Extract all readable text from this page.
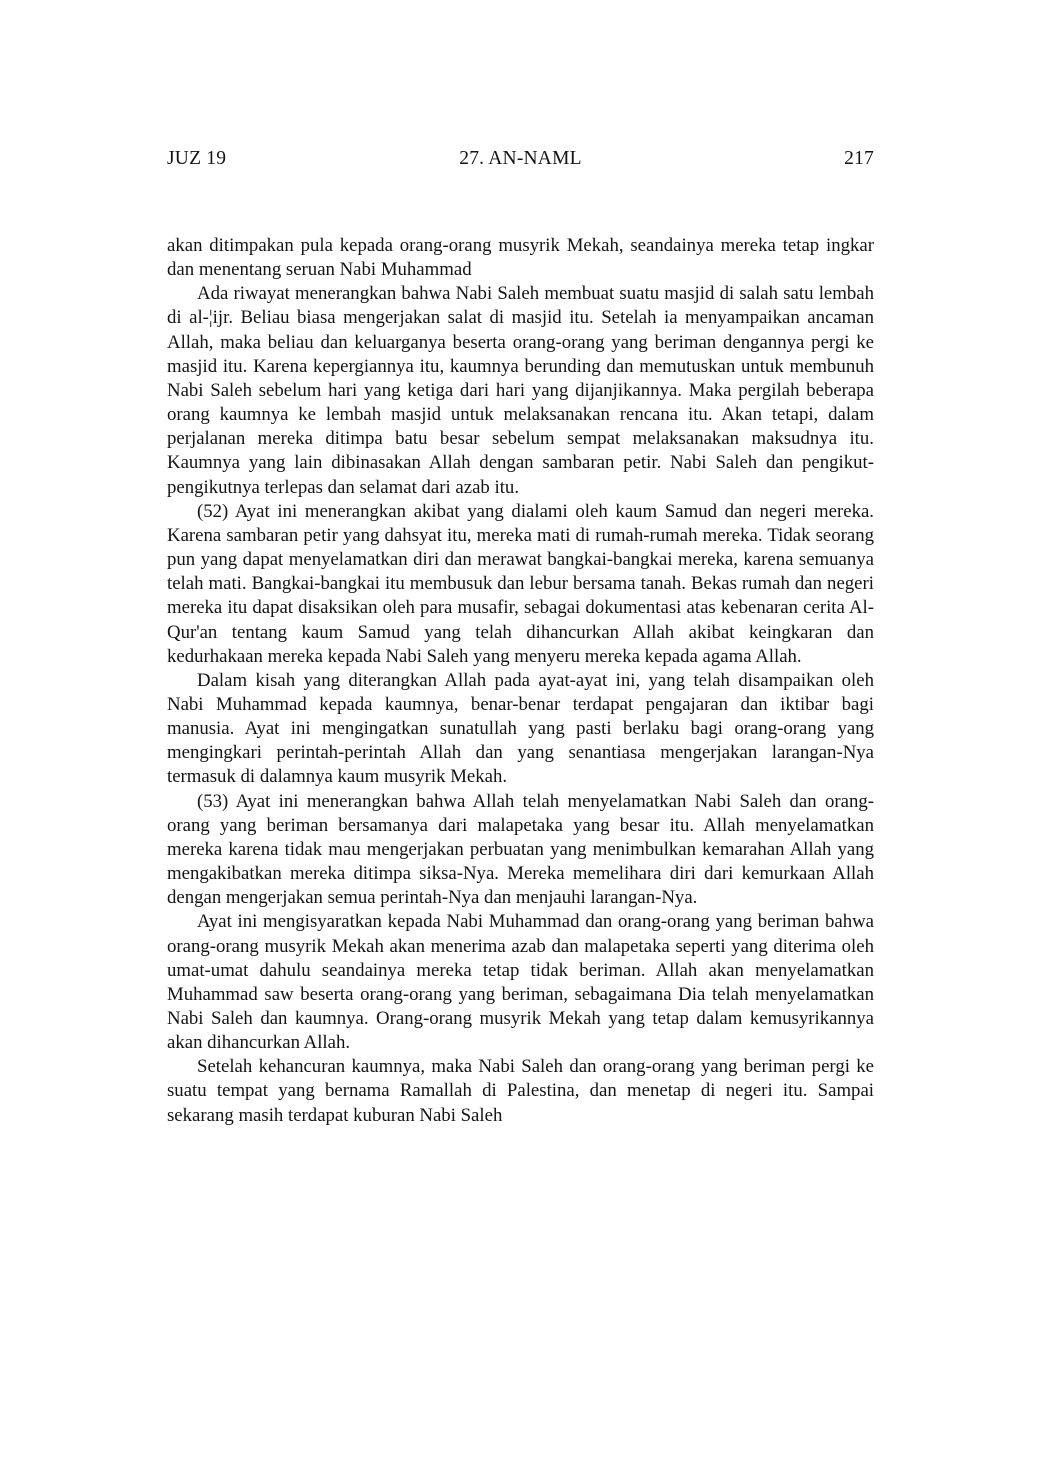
JUZ 19	27. AN-NAML	217

akan ditimpakan pula kepada orang-orang musyrik Mekah, seandainya mereka tetap ingkar dan menentang seruan Nabi Muhammad

Ada riwayat menerangkan bahwa Nabi Saleh membuat suatu masjid di salah satu lembah di al-¦ijr. Beliau biasa mengerjakan salat di masjid itu. Setelah ia menyampaikan ancaman Allah, maka beliau dan keluarganya beserta orang-orang yang beriman dengannya pergi ke masjid itu. Karena kepergiannya itu, kaumnya berunding dan memutuskan untuk membunuh Nabi Saleh sebelum hari yang ketiga dari hari yang dijanjikannya. Maka pergilah beberapa orang kaumnya ke lembah masjid untuk melaksanakan rencana itu. Akan tetapi, dalam perjalanan mereka ditimpa batu besar sebelum sempat melaksanakan maksudnya itu. Kaumnya yang lain dibinasakan Allah dengan sambaran petir. Nabi Saleh dan pengikut-pengikutnya terlepas dan selamat dari azab itu.

(52) Ayat ini menerangkan akibat yang dialami oleh kaum Samud dan negeri mereka. Karena sambaran petir yang dahsyat itu, mereka mati di rumah-rumah mereka. Tidak seorang pun yang dapat menyelamatkan diri dan merawat bangkai-bangkai mereka, karena semuanya telah mati. Bangkai-bangkai itu membusuk dan lebur bersama tanah. Bekas rumah dan negeri mereka itu dapat disaksikan oleh para musafir, sebagai dokumentasi atas kebenaran cerita Al-Qur'an tentang kaum Samud yang telah dihancurkan Allah akibat keingkaran dan kedurhakaan mereka kepada Nabi Saleh yang menyeru mereka kepada agama Allah.

Dalam kisah yang diterangkan Allah pada ayat-ayat ini, yang telah disampaikan oleh Nabi Muhammad kepada kaumnya, benar-benar terdapat pengajaran dan iktibar bagi manusia. Ayat ini mengingatkan sunatullah yang pasti berlaku bagi orang-orang yang mengingkari perintah-perintah Allah dan yang senantiasa mengerjakan larangan-Nya termasuk di dalamnya kaum musyrik Mekah.

(53) Ayat ini menerangkan bahwa Allah telah menyelamatkan Nabi Saleh dan orang-orang yang beriman bersamanya dari malapetaka yang besar itu. Allah menyelamatkan mereka karena tidak mau mengerjakan perbuatan yang menimbulkan kemarahan Allah yang mengakibatkan mereka ditimpa siksa-Nya. Mereka memelihara diri dari kemurkaan Allah dengan mengerjakan semua perintah-Nya dan menjauhi larangan-Nya.

Ayat ini mengisyaratkan kepada Nabi Muhammad dan orang-orang yang beriman bahwa orang-orang musyrik Mekah akan menerima azab dan malapetaka seperti yang diterima oleh umat-umat dahulu seandainya mereka tetap tidak beriman. Allah akan menyelamatkan Muhammad saw beserta orang-orang yang beriman, sebagaimana Dia telah menyelamatkan Nabi Saleh dan kaumnya. Orang-orang musyrik Mekah yang tetap dalam kemusyrikannya akan dihancurkan Allah.

Setelah kehancuran kaumnya, maka Nabi Saleh dan orang-orang yang beriman pergi ke suatu tempat yang bernama Ramallah di Palestina, dan menetap di negeri itu. Sampai sekarang masih terdapat kuburan Nabi Saleh
